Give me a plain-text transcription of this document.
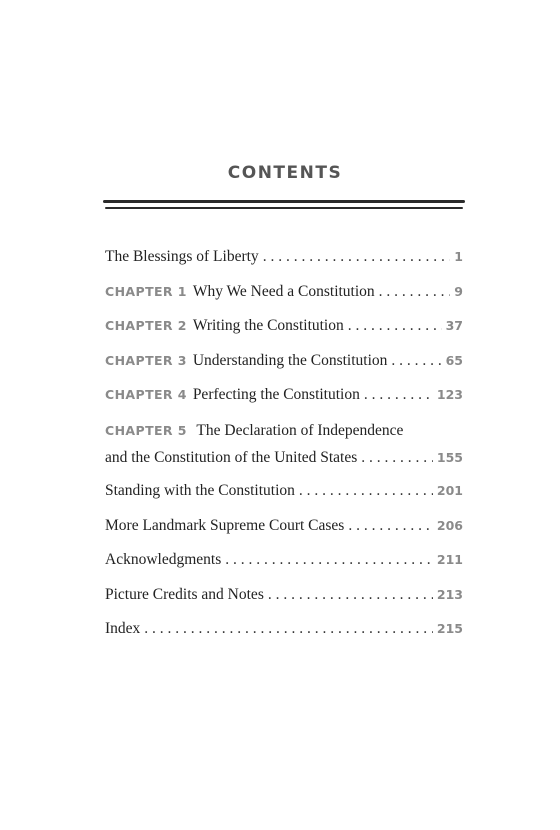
CONTENTS
The Blessings of Liberty . . .	1
CHAPTER 1 Why We Need a Constitution . . .	9
CHAPTER 2 Writing the Constitution . . .	37
CHAPTER 3 Understanding the Constitution . . .	65
CHAPTER 4 Perfecting the Constitution . . .	123
CHAPTER 5 The Declaration of Independence
and the Constitution of the United States . . .	155
Standing with the Constitution . . .	201
More Landmark Supreme Court Cases . . .	206
Acknowledgments . . .	211
Picture Credits and Notes . . .	213
Index . . .	215
